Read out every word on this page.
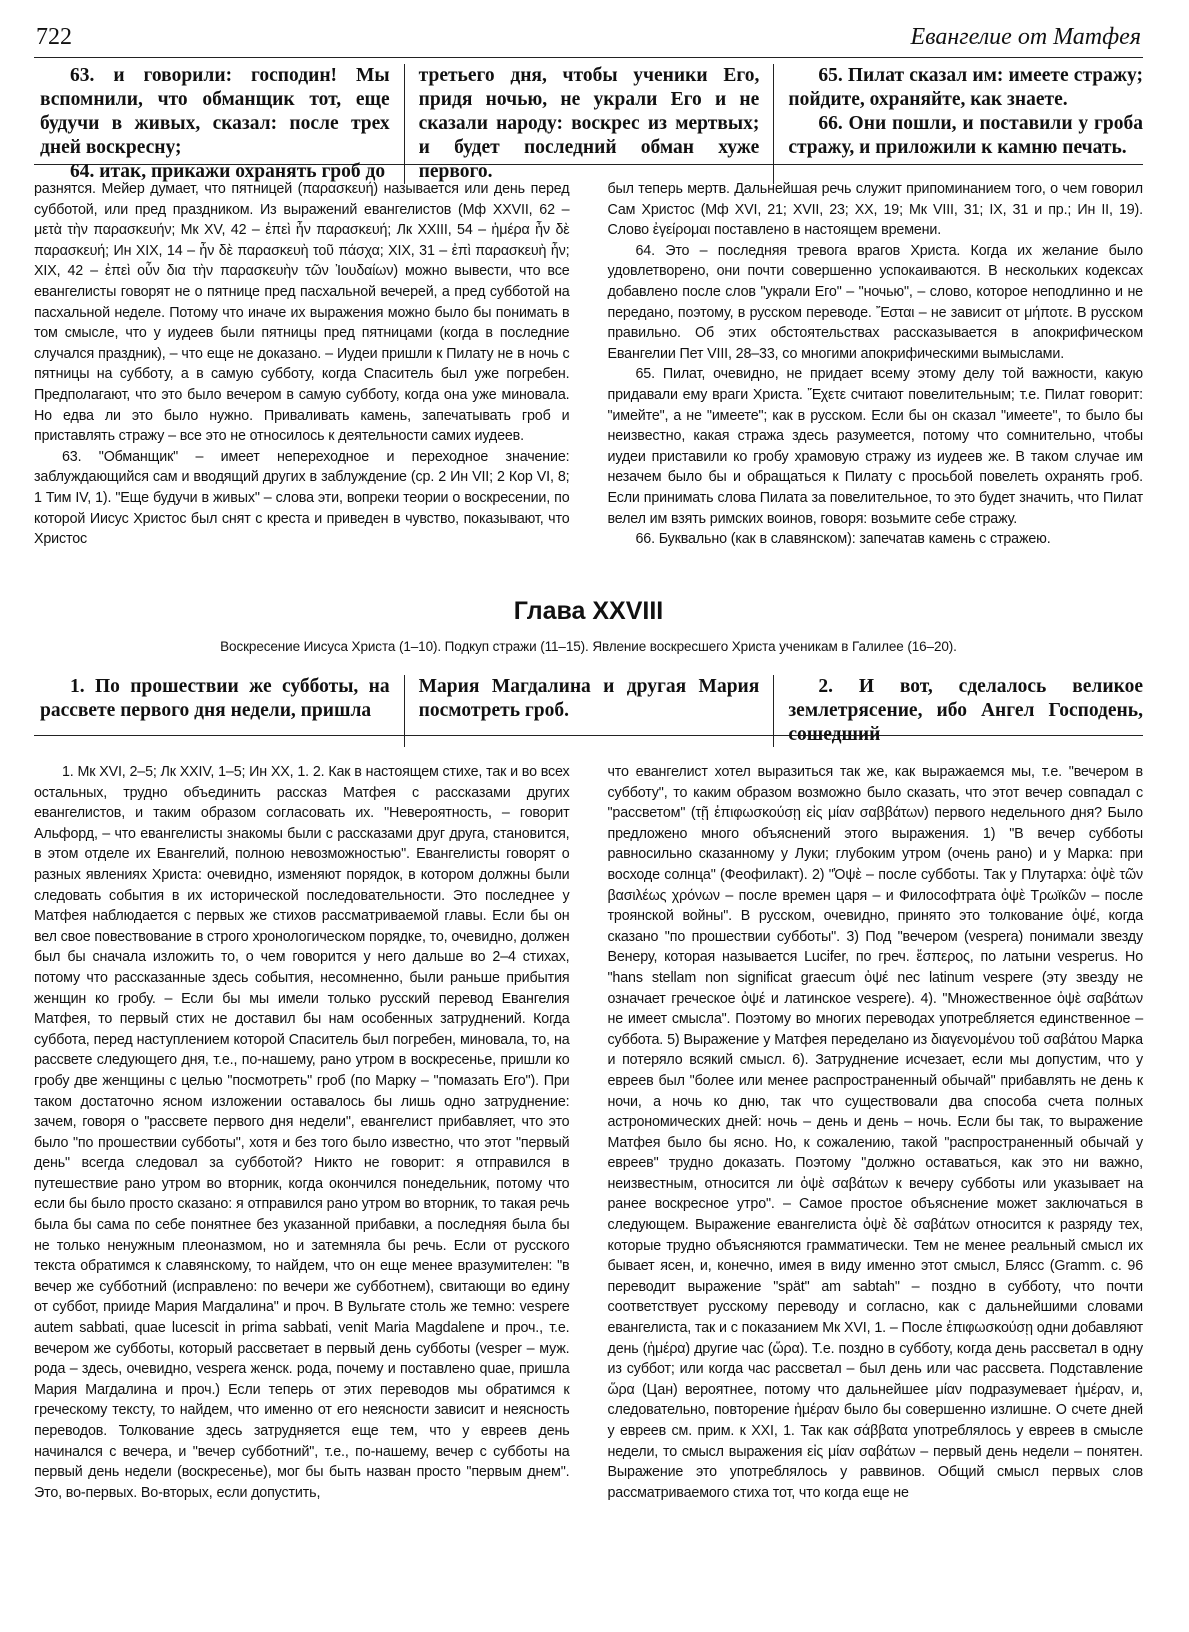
722	Евангелие от Матфея

63. и говорили: господин! Мы вспомнили, что обманщик тот, еще будучи в живых, сказал: после трех дней воскресну;

64. итак, прикажи охранять гроб до

третьего дня, чтобы ученики Его, придя ночью, не украли Его и не сказали народу: воскрес из мертвых; и будет последний обман хуже первого.

65. Пилат сказал им: имеете стражу; пойдите, охраняйте, как знаете.

66. Они пошли, и поставили у гроба стражу, и приложили к камню печать.

разнятся. Мейер думает, что пятницей (παρασκευή) называется или день перед субботой, или пред праздником. Из выражений евангелистов (Мф XXVII, 62 – μετὰ τὴν παρασκευήν; Мк XV, 42 – ἐπεὶ ἦν παρασκευή; Лк XXIII, 54 – ἡμέρα ἦν δὲ παρασκευή; Ин XIX, 14 – ἦν δὲ παρασκευὴ τοῦ πάσχα; XIX, 31 – ἐπὶ παρασκευὴ ἦν; XIX, 42 – ἐπεὶ οὖν δια τὴν παρασκευὴν τῶν Ἰουδαίων) можно вывести, что все евангелисты говорят не о пятнице пред пасхальной вечерей, а пред субботой на пасхальной неделе. Потому что иначе их выражения можно было бы понимать в том смысле, что у иудеев были пятницы пред пятницами (когда в последние случался праздник), – что еще не доказано. – Иудеи пришли к Пилату не в ночь с пятницы на субботу, а в самую субботу, когда Спаситель был уже погребен. Предполагают, что это было вечером в самую субботу, когда она уже миновала. Но едва ли это было нужно. Приваливать камень, запечатывать гроб и приставлять стражу – все это не относилось к деятельности самих иудеев.

63. "Обманщик" – имеет непереходное и переходное значение: заблуждающийся сам и вводящий других в заблуждение (ср. 2 Ин VII; 2 Кор VI, 8; 1 Тим IV, 1). "Еще будучи в живых" – слова эти, вопреки теории о воскресении, по которой Иисус Христос был снят с креста и приведен в чувство, показывают, что Христос

был теперь мертв. Дальнейшая речь служит припоминанием того, о чем говорил Сам Христос (Мф XVI, 21; XVII, 23; XX, 19; Мк VIII, 31; IX, 31 и пр.; Ин II, 19). Слово ἐγείρομαι поставлено в настоящем времени.

64. Это – последняя тревога врагов Христа. Когда их желание было удовлетворено, они почти совершенно успокаиваются. В нескольких кодексах добавлено после слов "украли Его" – "ночью", – слово, которое неподлинно и не передано, поэтому, в русском переводе. Ἔσται – не зависит от μήποτε. В русском правильно. Об этих обстоятельствах рассказывается в апокрифическом Евангелии Пет VIII, 28–33, со многими апокрифическими вымыслами.

65. Пилат, очевидно, не придает всему этому делу той важности, какую придавали ему враги Христа. Ἔχετε считают повелительным; т.е. Пилат говорит: "имейте", а не "имеете"; как в русском. Если бы он сказал "имеете", то было бы неизвестно, какая стража здесь разумеется, потому что сомнительно, чтобы иудеи приставили ко гробу храмовую стражу из иудеев же. В таком случае им незачем было бы и обращаться к Пилату с просьбой повелеть охранять гроб. Если принимать слова Пилата за повелительное, то это будет значить, что Пилат велел им взять римских воинов, говоря: возьмите себе стражу.

66. Буквально (как в славянском): запечатав камень с стражею.

Глава XXVIII
Воскресение Иисуса Христа (1–10). Подкуп стражи (11–15). Явление воскресшего Христа ученикам в Галилее (16–20).

1. По прошествии же субботы, на рассвете первого дня недели, пришла

Мария Магдалина и другая Мария посмотреть гроб.

2. И вот, сделалось великое землетрясение, ибо Ангел Господень, сошедший

1. Мк XVI, 2–5; Лк XXIV, 1–5; Ин XX, 1. 2. Как в настоящем стихе, так и во всех остальных, трудно объединить рассказ Матфея с рассказами других евангелистов, и таким образом согласовать их. "Невероятность, – говорит Альфорд, – что евангелисты знакомы были с рассказами друг друга, становится, в этом отделе их Евангелий, полною невозможностью". Евангелисты говорят о разных явлениях Христа: очевидно, изменяют порядок, в котором должны были следовать события в их исторической последовательности. Это последнее у Матфея наблюдается с первых же стихов рассматриваемой главы. Если бы он вел свое повествование в строго хронологическом порядке, то, очевидно, должен был бы сначала изложить то, о чем говорится у него дальше во 2–4 стихах, потому что рассказанные здесь события, несомненно, были раньше прибытия женщин ко гробу. – Если бы мы имели только русский перевод Евангелия Матфея, то первый стих не доставил бы нам особенных затруднений. Когда суббота, перед наступлением которой Спаситель был погребен, миновала, то, на рассвете следующего дня, т.е., по-нашему, рано утром в воскресенье, пришли ко гробу две женщины с целью "посмотреть" гроб (по Марку – "помазать Его"). При таком достаточно ясном изложении оставалось бы лишь одно затруднение: зачем, говоря о "рассвете первого дня недели", евангелист прибавляет, что это было "по прошествии субботы", хотя и без того было известно, что этот "первый день" всегда следовал за субботой? Никто не говорит: я отправился в путешествие рано утром во вторник, когда окончился понедельник, потому что если бы было просто сказано: я отправился рано утром во вторник, то такая речь была бы сама по себе понятнее без указанной прибавки, а последняя была бы не только ненужным плеоназмом, но и затемняла бы речь. Если от русского текста обратимся к славянскому, то найдем, что он еще менее вразумителен: "в вечер же субботний (исправлено: по вечери же субботнем), свитающи во едину от суббот, прииде Мария Магдалина" и проч. В Вульгате столь же темно: vespere autem sabbati, quae lucescit in prima sabbati, venit Maria Magdalene и проч., т.е. вечером же субботы, который рассветает в первый день субботы (vesper – муж. рода – здесь, очевидно, vespera женск. рода, почему и поставлено quae, пришла Мария Магдалина и проч.) Если теперь от этих переводов мы обратимся к греческому тексту, то найдем, что именно от его неясности зависит и неясность переводов. Толкование здесь затрудняется еще тем, что у евреев день начинался с вечера, и "вечер субботний", т.е., по-нашему, вечер с субботы на первый день недели (воскресенье), мог бы быть назван просто "первым днем". Это, во-первых. Во-вторых, если допустить,

что евангелист хотел выразиться так же, как выражаемся мы, т.е. "вечером в субботу", то каким образом возможно было сказать, что этот вечер совпадал с "рассветом" (τῇ ἐπιφωσκούσῃ εἰς μίαν σαββάτων) первого недельного дня? Было предложено много объяснений этого выражения. 1) "В вечер субботы равносильно сказанному у Луки; глубоким утром (очень рано) и у Марка: при восходе солнца" (Феофилакт). 2) "Ὀψὲ – после субботы. Так у Плутарха: ὀψὲ τῶν βασιλέως χρόνων – после времен царя – и Философтрата ὀψὲ Τρωϊκῶν – после троянской войны". В русском, очевидно, принято это толкование ὀψέ, когда сказано "по прошествии субботы". 3) Под "вечером (vespera) понимали звезду Венеру, которая называется Lucifer, по греч. ἕσπερος, по латыни vesperus. Но "hans stellam non significat graecum ὀψέ nec latinum vespere (эту звезду не означает греческое ὀψέ и латинское vespere). 4). "Множественное ὀψὲ σαβάτων не имеет смысла". Поэтому во многих переводах употребляется единственное – суббота. 5) Выражение у Матфея переделано из διαγενομένου τοῦ σαβάτου Марка и потеряло всякий смысл. 6). Затруднение исчезает, если мы допустим, что у евреев был "более или менее распространенный обычай" прибавлять не день к ночи, а ночь ко дню, так что существовали два способа счета полных астрономических дней: ночь – день и день – ночь. Если бы так, то выражение Матфея было бы ясно. Но, к сожалению, такой "распространенный обычай у евреев" трудно доказать. Поэтому "должно оставаться, как это ни важно, неизвестным, относится ли ὀψὲ σαβάτων к вечеру субботы или указывает на ранее воскресное утро". – Самое простое объяснение может заключаться в следующем. Выражение евангелиста ὀψὲ δὲ σαβάτων относится к разряду тех, которые трудно объясняются грамматически. Тем не менее реальный смысл их бывает ясен, и, конечно, имея в виду именно этот смысл, Блясс (Gramm. с. 96 переводит выражение "spät" am sabtah" – поздно в субботу, что почти соответствует русскому переводу и согласно, как с дальнейшими словами евангелиста, так и с показанием Мк XVI, 1. – После ἐπιφωσκούσῃ одни добавляют день (ἡμέρα) другие час (ὥρα). Т.е. поздно в субботу, когда день рассветал в одну из суббот; или когда час рассветал – был день или час рассвета. Подставление ὥρα (Цан) вероятнее, потому что дальнейшее μίαν подразумевает ἡμέραν, и, следовательно, повторение ἡμέραν было бы совершенно излишне. О счете дней у евреев см. прим. к XXI, 1. Так как σάββατα употреблялось у евреев в смысле недели, то смысл выражения εἰς μίαν σαβάτων – первый день недели – понятен. Выражение это употреблялось у раввинов. Общий смысл первых слов рассматриваемого стиха тот, что когда еще не
